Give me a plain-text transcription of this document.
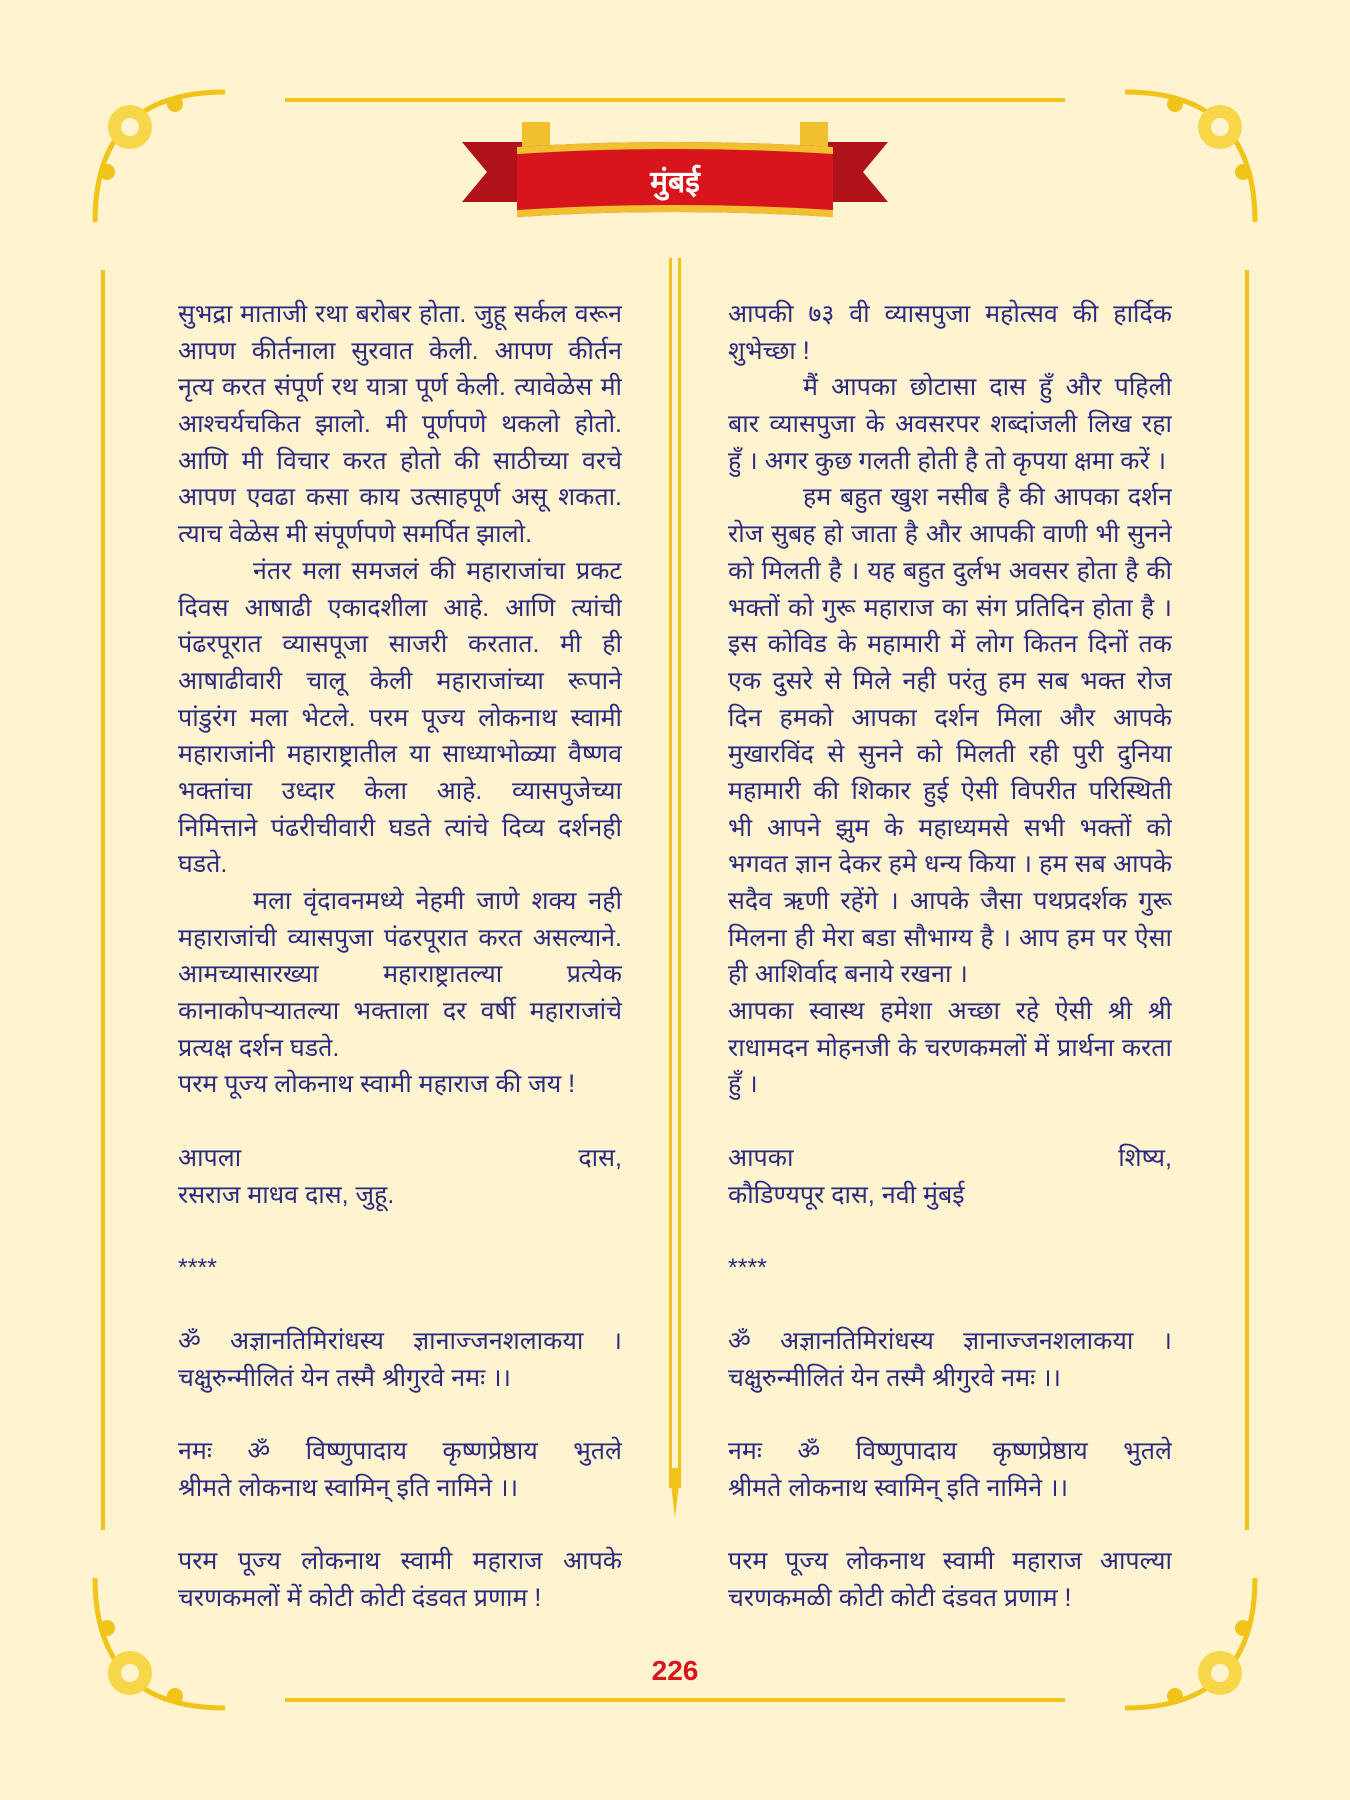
मुंबई
सुभद्रा माताजी रथा बरोबर होता. जुहू सर्कल वरून
आपण कीर्तनाला सुरवात केली. आपण कीर्तन
नृत्य करत संपूर्ण रथ यात्रा पूर्ण केली. त्यावेळेस मी
आश्चर्यचकित झालो. मी पूर्णपणे थकलो होतो.
आणि मी विचार करत होतो की साठीच्या वरचे
आपण एवढा कसा काय उत्साहपूर्ण असू शकता.
त्याच वेळेस मी संपूर्णपणे समर्पित झालो.
नंतर मला समजलं की महाराजांचा प्रकट
दिवस आषाढी एकादशीला आहे. आणि त्यांची
पंढरपूरात व्यासपूजा साजरी करतात. मी ही
आषाढीवारी चालू केली महाराजांच्या रूपाने
पांडुरंग मला भेटले. परम पूज्य लोकनाथ स्वामी
महाराजांनी महाराष्ट्रातील या साध्याभोळ्या वैष्णव
भक्तांचा उध्दार केला आहे. व्यासपुजेच्या
निमित्ताने पंढरीचीवारी घडते त्यांचे दिव्य दर्शनही
घडते.
मला वृंदावनमध्ये नेहमी जाणे शक्य नही
महाराजांची व्यासपुजा पंढरपूरात करत असल्याने.
आमच्यासारख्या महाराष्ट्रातल्या प्रत्येक
कानाकोपऱ्यातल्या भक्ताला दर वर्षी महाराजांचे
प्रत्यक्ष दर्शन घडते.
परम पूज्य लोकनाथ स्वामी महाराज की जय !
आपला दास,
रसराज माधव दास, जुहू.
****
ॐ अज्ञानतिमिरांधस्य ज्ञानाज्जनशलाकया ।
चक्षुरुन्मीलितं येन तस्मै श्रीगुरवे नमः ।।
नमः ॐ विष्णुपादाय कृष्णप्रेष्ठाय भुतले
श्रीमते लोकनाथ स्वामिन् इति नामिने ।।
परम पूज्य लोकनाथ स्वामी महाराज आपके
चरणकमलों में कोटी कोटी दंडवत प्रणाम !
आपकी ७३ वी व्यासपुजा महोत्सव की हार्दिक
शुभेच्छा !
मैं आपका छोटासा दास हुँ और पहिली
बार व्यासपुजा के अवसरपर शब्दांजली लिख रहा
हुँ । अगर कुछ गलती होती है तो कृपया क्षमा करें ।
हम बहुत खुश नसीब है की आपका दर्शन
रोज सुबह हो जाता है और आपकी वाणी भी सुनने
को मिलती है । यह बहुत दुर्लभ अवसर होता है की
भक्तों को गुरू महाराज का संग प्रतिदिन होता है ।
इस कोविड के महामारी में लोग कितन दिनों तक
एक दुसरे से मिले नही परंतु हम सब भक्त रोज
दिन हमको आपका दर्शन मिला और आपके
मुखारविंद से सुनने को मिलती रही पुरी दुनिया
महामारी की शिकार हुई ऐसी विपरीत परिस्थिती
भी आपने झुम के महाध्यमसे सभी भक्तों को
भगवत ज्ञान देकर हमे धन्य किया । हम सब आपके
सदैव ऋणी रहेंगे । आपके जैसा पथप्रदर्शक गुरू
मिलना ही मेरा बडा सौभाग्य है । आप हम पर ऐसा
ही आशिर्वाद बनाये रखना ।
आपका स्वास्थ हमेशा अच्छा रहे ऐसी श्री श्री
राधामदन मोहनजी के चरणकमलों में प्रार्थना करता
हुँ ।
आपका शिष्य,
कौडिण्यपूर दास, नवी मुंबई
****
ॐ अज्ञानतिमिरांधस्य ज्ञानाज्जनशलाकया ।
चक्षुरुन्मीलितं येन तस्मै श्रीगुरवे नमः ।।
नमः ॐ विष्णुपादाय कृष्णप्रेष्ठाय भुतले
श्रीमते लोकनाथ स्वामिन् इति नामिने ।।
परम पूज्य लोकनाथ स्वामी महाराज आपल्या
चरणकमळी कोटी कोटी दंडवत प्रणाम !
226
